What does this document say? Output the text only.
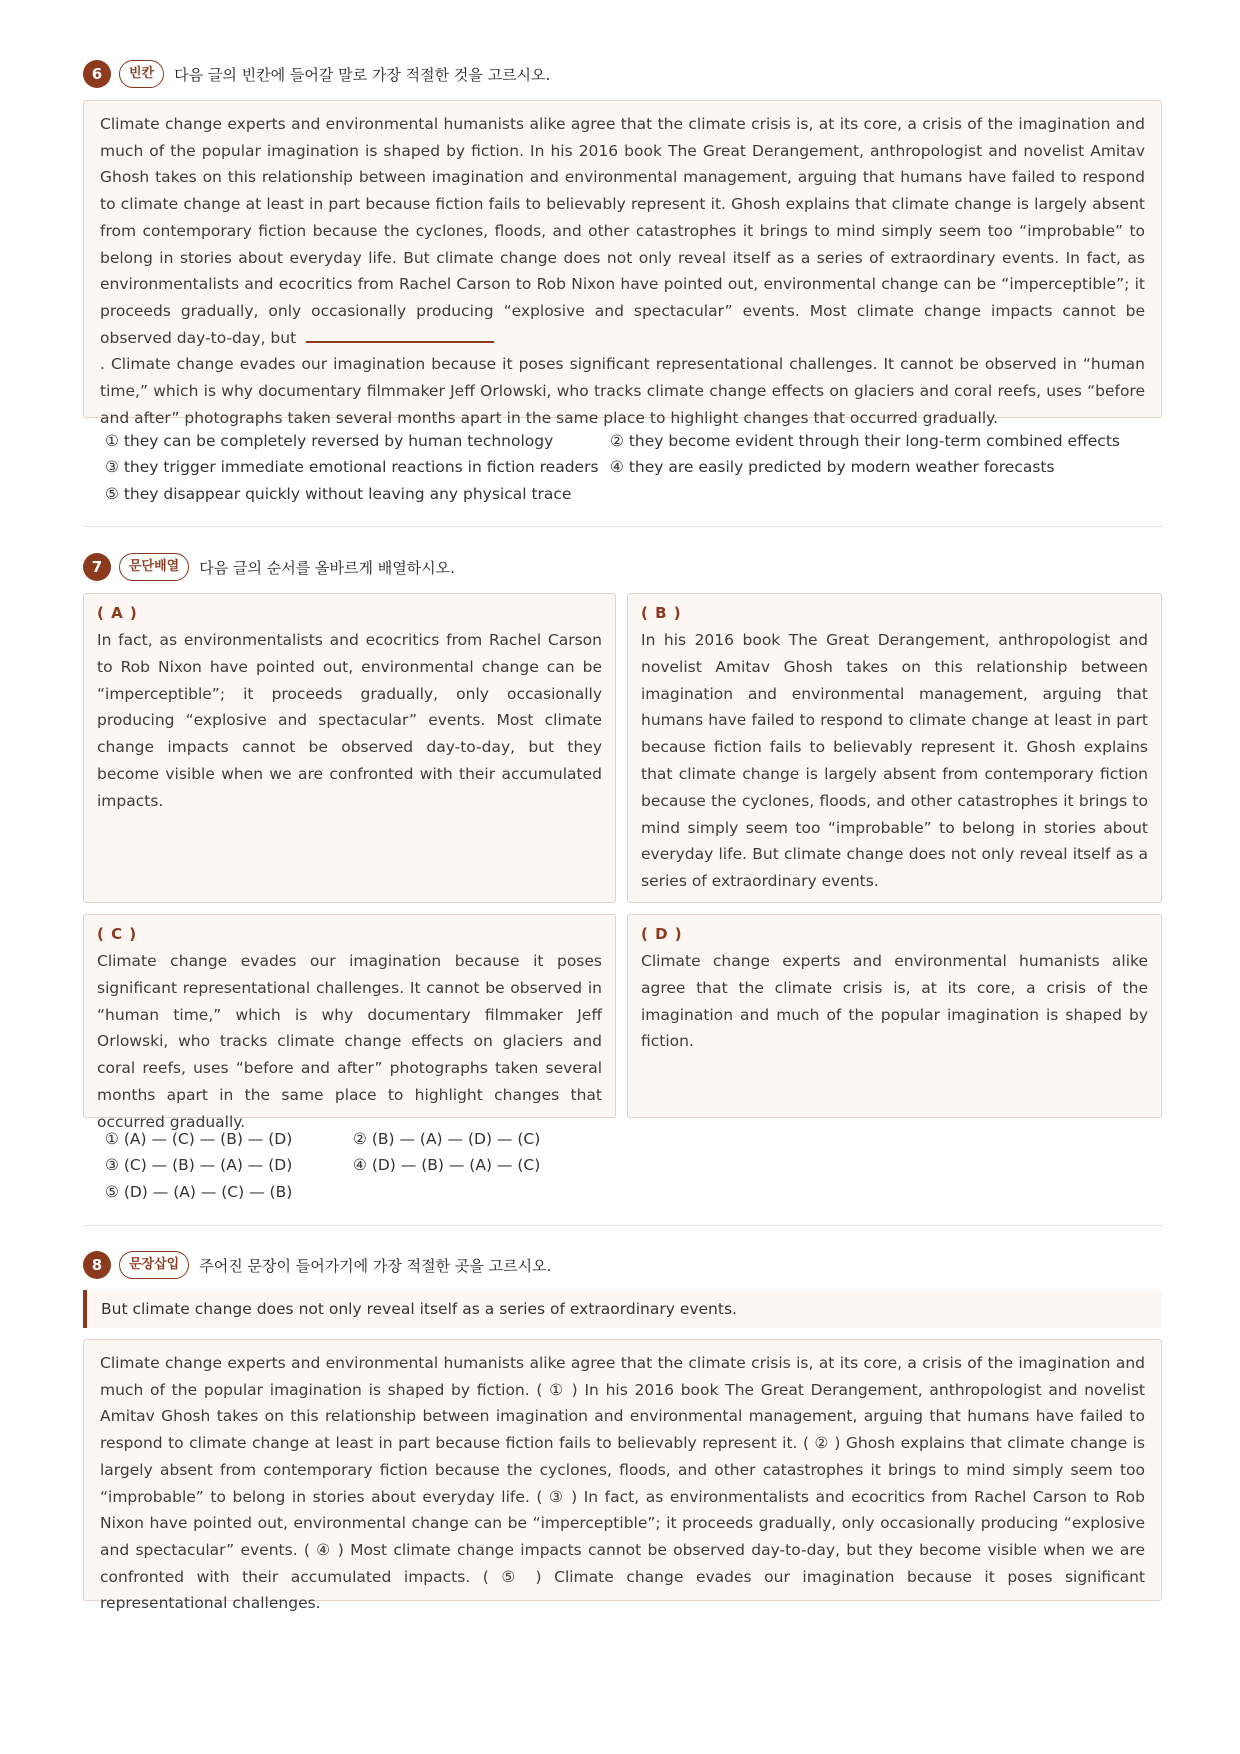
6	빈칸	다음 글의 빈칸에 들어갈 말로 가장 적절한 것을 고르시오.
Climate change experts and environmental humanists alike agree that the climate crisis is, at its core, a crisis of the imagination and much of the popular imagination is shaped by fiction. In his 2016 book The Great Derangement, anthropologist and novelist Amitav Ghosh takes on this relationship between imagination and environmental management, arguing that humans have failed to respond to climate change at least in part because fiction fails to believably represent it. Ghosh explains that climate change is largely absent from contemporary fiction because the cyclones, floods, and other catastrophes it brings to mind simply seem too “improbable” to belong in stories about everyday life. But climate change does not only reveal itself as a series of extraordinary events. In fact, as environmentalists and ecocritics from Rachel Carson to Rob Nixon have pointed out, environmental change can be “imperceptible”; it proceeds gradually, only occasionally producing “explosive and spectacular” events. Most climate change impacts cannot be observed day-to-day, but
. Climate change evades our imagination because it poses significant representational challenges. It cannot be observed in “human time,” which is why documentary filmmaker Jeff Orlowski, who tracks climate change effects on glaciers and coral reefs, uses “before and after” photographs taken several months apart in the same place to highlight changes that occurred gradually.
① they can be completely reversed by human technology	② they become evident through their long-term combined effects
③ they trigger immediate emotional reactions in fiction readers ④ they are easily predicted by modern weather forecasts
⑤ they disappear quickly without leaving any physical trace
7	문단배열	다음 글의 순서를 올바르게 배열하시오.
( A )
In fact, as environmentalists and ecocritics from Rachel Carson to Rob Nixon have pointed out, environmental change can be “imperceptible”; it proceeds gradually, only occasionally producing “explosive and spectacular” events. Most climate change impacts cannot be observed day-to-day, but they become visible when we are confronted with their accumulated impacts.
( B )
In his 2016 book The Great Derangement, anthropologist and novelist Amitav Ghosh takes on this relationship between imagination and environmental management, arguing that humans have failed to respond to climate change at least in part because fiction fails to believably represent it. Ghosh explains that climate change is largely absent from contemporary fiction because the cyclones, floods, and other catastrophes it brings to mind simply seem too “improbable” to belong in stories about everyday life. But climate change does not only reveal itself as a series of extraordinary events.
( C )
Climate change evades our imagination because it poses significant representational challenges. It cannot be observed in “human time,” which is why documentary filmmaker Jeff Orlowski, who tracks climate change effects on glaciers and coral reefs, uses “before and after” photographs taken several months apart in the same place to highlight changes that occurred gradually.
( D )
Climate change experts and environmental humanists alike agree that the climate crisis is, at its core, a crisis of the imagination and much of the popular imagination is shaped by fiction.
① (A) — (C) — (B) — (D)	② (B) — (A) — (D) — (C)
③ (C) — (B) — (A) — (D)	④ (D) — (B) — (A) — (C)
⑤ (D) — (A) — (C) — (B)
8	문장삽입	주어진 문장이 들어가기에 가장 적절한 곳을 고르시오.
But climate change does not only reveal itself as a series of extraordinary events.
Climate change experts and environmental humanists alike agree that the climate crisis is, at its core, a crisis of the imagination and much of the popular imagination is shaped by fiction. ( ① ) In his 2016 book The Great Derangement, anthropologist and novelist Amitav Ghosh takes on this relationship between imagination and environmental management, arguing that humans have failed to respond to climate change at least in part because fiction fails to believably represent it. ( ② ) Ghosh explains that climate change is largely absent from contemporary fiction because the cyclones, floods, and other catastrophes it brings to mind simply seem too “improbable” to belong in stories about everyday life. ( ③ ) In fact, as environmentalists and ecocritics from Rachel Carson to Rob Nixon have pointed out, environmental change can be “imperceptible”; it proceeds gradually, only occasionally producing “explosive and spectacular” events. ( ④ ) Most climate change impacts cannot be observed day-to-day, but they become visible when we are confronted with their accumulated impacts. ( ⑤ ) Climate change evades our imagination because it poses significant representational challenges.
